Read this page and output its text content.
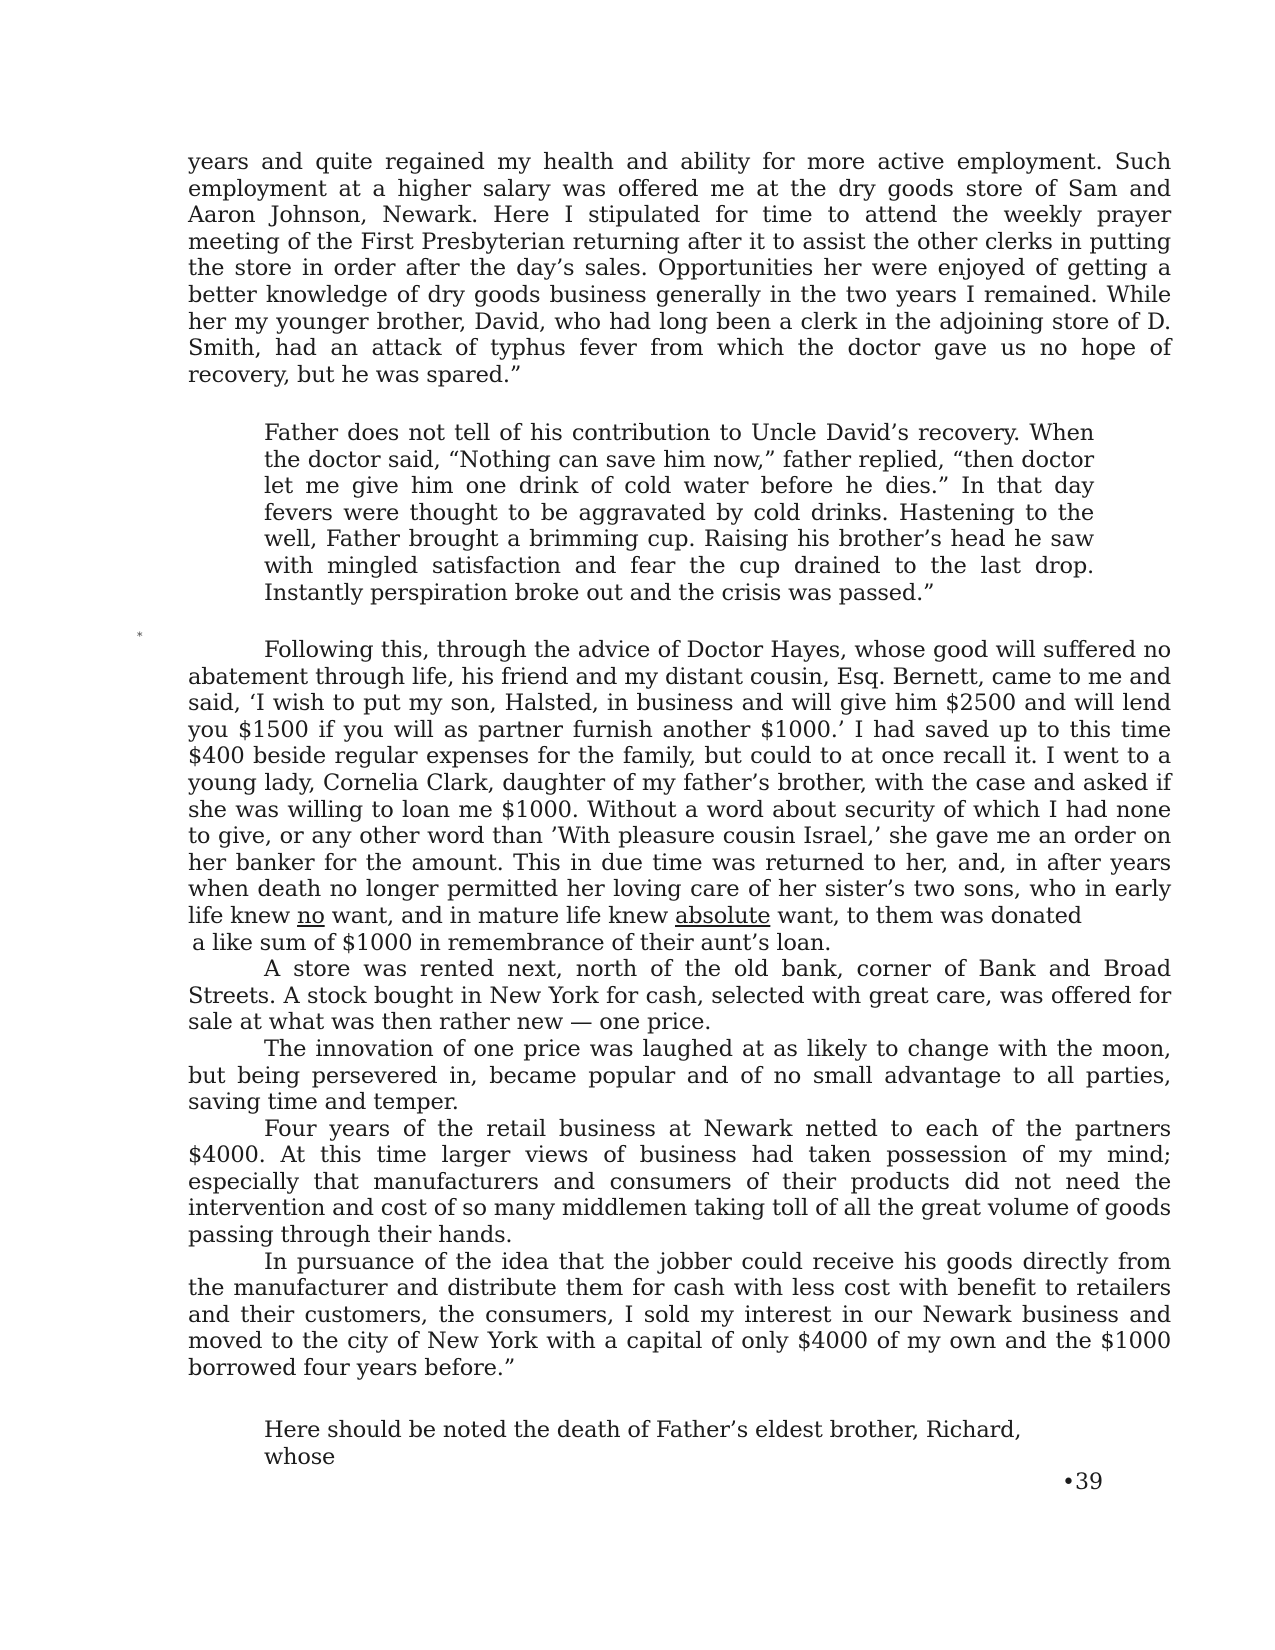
years and quite regained my health and ability for more active employment. Such employment at a higher salary was offered me at the dry goods store of Sam and Aaron Johnson, Newark. Here I stipulated for time to attend the weekly prayer meeting of the First Presbyterian returning after it to assist the other clerks in putting the store in order after the day’s sales. Opportunities her were enjoyed of getting a better knowledge of dry goods business generally in the two years I remained. While her my younger brother, David, who had long been a clerk in the adjoining store of D. Smith, had an attack of typhus fever from which the doctor gave us no hope of recovery, but he was spared.”

Father does not tell of his contribution to Uncle David’s recovery. When the doctor said, “Nothing can save him now,” father replied, “then doctor let me give him one drink of cold water before he dies.” In that day fevers were thought to be aggravated by cold drinks. Hastening to the well, Father brought a brimming cup. Raising his brother’s head he saw with mingled satisfaction and fear the cup drained to the last drop. Instantly perspiration broke out and the crisis was passed.”

*

Following this, through the advice of Doctor Hayes, whose good will suffered no abatement through life, his friend and my distant cousin, Esq. Bernett, came to me and said, ‘I wish to put my son, Halsted, in business and will give him $2500 and will lend you $1500 if you will as partner furnish another $1000.’ I had saved up to this time $400 beside regular expenses for the family, but could to at once recall it. I went to a young lady, Cornelia Clark, daughter of my father’s brother, with the case and asked if she was willing to loan me $1000. Without a word about security of which I had none to give, or any other word than ’With pleasure cousin Israel,’ she gave me an order on her banker for the amount. This in due time was returned to her, and, in after years when death no longer permitted her loving care of her sister’s two sons, who in early life knew no want, and in mature life knew absolute want, to them was donated

a like sum of $1000 in remembrance of their aunt’s loan.

A store was rented next, north of the old bank, corner of Bank and Broad Streets. A stock bought in New York for cash, selected with great care, was offered for sale at what was then rather new — one price.

The innovation of one price was laughed at as likely to change with the moon, but being persevered in, became popular and of no small advantage to all parties, saving time and temper.

Four years of the retail business at Newark netted to each of the partners $4000. At this time larger views of business had taken possession of my mind; especially that manufacturers and consumers of their products did not need the intervention and cost of so many middlemen taking toll of all the great volume of goods passing through their hands.

In pursuance of the idea that the jobber could receive his goods directly from the manufacturer and distribute them for cash with less cost with benefit to retailers and their customers, the consumers, I sold my interest in our Newark business and moved to the city of New York with a capital of only $4000 of my own and the $1000 borrowed four years before.”

Here should be noted the death of Father’s eldest brother, Richard, whose

•39
